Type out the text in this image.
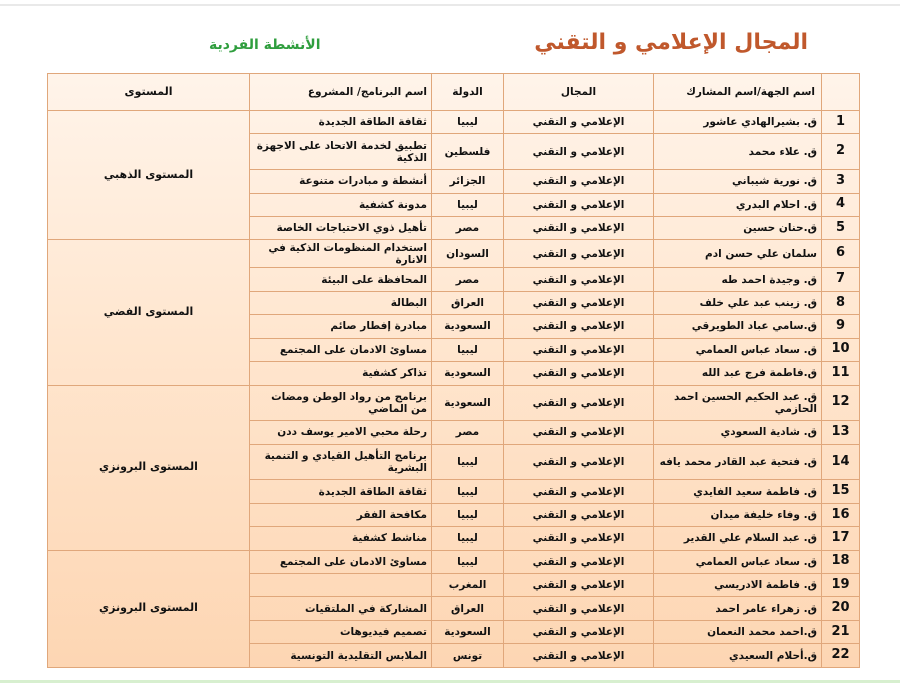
المجال الإعلامي و التقني
الأنشطة الفردية
	اسم الجهة/اسم المشارك	المجال	الدولة	اسم البرنامج/ المشروع	المستوى
1	ق. بشيرالهادي عاشور	الإعلامي و التقني	ليبيا	ثقافة الطاقة الجديدة	المستوى الذهبي
2	ق. علاء محمد	الإعلامي و التقني	فلسطين	تطبيق لخدمة الاتحاد على الاجهزة الذكية	
3	ق. نورية شيباني	الإعلامي و التقني	الجزائر	أنشطة و مبادرات متنوعة	
4	ق. احلام البدري	الإعلامي و التقني	ليبيا	مدونة كشفية	
5	ق.حنان حسين	الإعلامي و التقني	مصر	تأهيل ذوي الاحتياجات الخاصة	
6	سلمان علي حسن ادم	الإعلامي و التقني	السودان	استخدام المنظومات الذكية في الانارة	المستوى الفضي
7	ق. وجيدة احمد طه	الإعلامي و التقني	مصر	المحافظة على البيئة	
8	ق. زينب عبد علي خلف	الإعلامي و التقني	العراق	البطالة	
9	ق.سامي عباد الطويرقي	الإعلامي و التقني	السعودية	مبادرة إفطار صائم	
10	ق. سعاد عباس العمامي	الإعلامي و التقني	ليبيا	مساوئ الادمان على المجتمع	
11	ق.فاطمة فرج عبد الله	الإعلامي و التقني	السعودية	تذاكر كشفية	
12	ق. عبد الحكيم الحسين احمد الحازمي	الإعلامي و التقني	السعودية	برنامج من رواد الوطن ومضات من الماضي	المستوى البرونزي
13	ق. شادية السعودي	الإعلامي و التقني	مصر	رحلة محبي الامير يوسف ددن	
14	ق. فتحية عبد القادر محمد يافه	الإعلامي و التقني	ليبيا	برنامج التأهيل القيادي و التنمية البشرية	
15	ق. فاطمة سعيد الفايدي	الإعلامي و التقني	ليبيا	ثقافة الطاقة الجديدة	
16	ق. وفاء خليفة ميدان	الإعلامي و التقني	ليبيا	مكافحة الفقر	
17	ق. عبد السلام علي القدير	الإعلامي و التقني	ليبيا	مناشط كشفية	
18	ق. سعاد عباس العمامي	الإعلامي و التقني	ليبيا	مساوئ الادمان على المجتمع	المستوى البرونزي
19	ق. فاطمة الادريسي	الإعلامي و التقني	المغرب		
20	ق. زهراء عامر احمد	الإعلامي و التقني	العراق	المشاركة في الملتقيات	
21	ق.احمد محمد النعمان	الإعلامي و التقني	السعودية	تصميم فيديوهات	
22	ق.أحلام السعيدي	الإعلامي و التقني	تونس	الملابس التقليدية التونسية	
